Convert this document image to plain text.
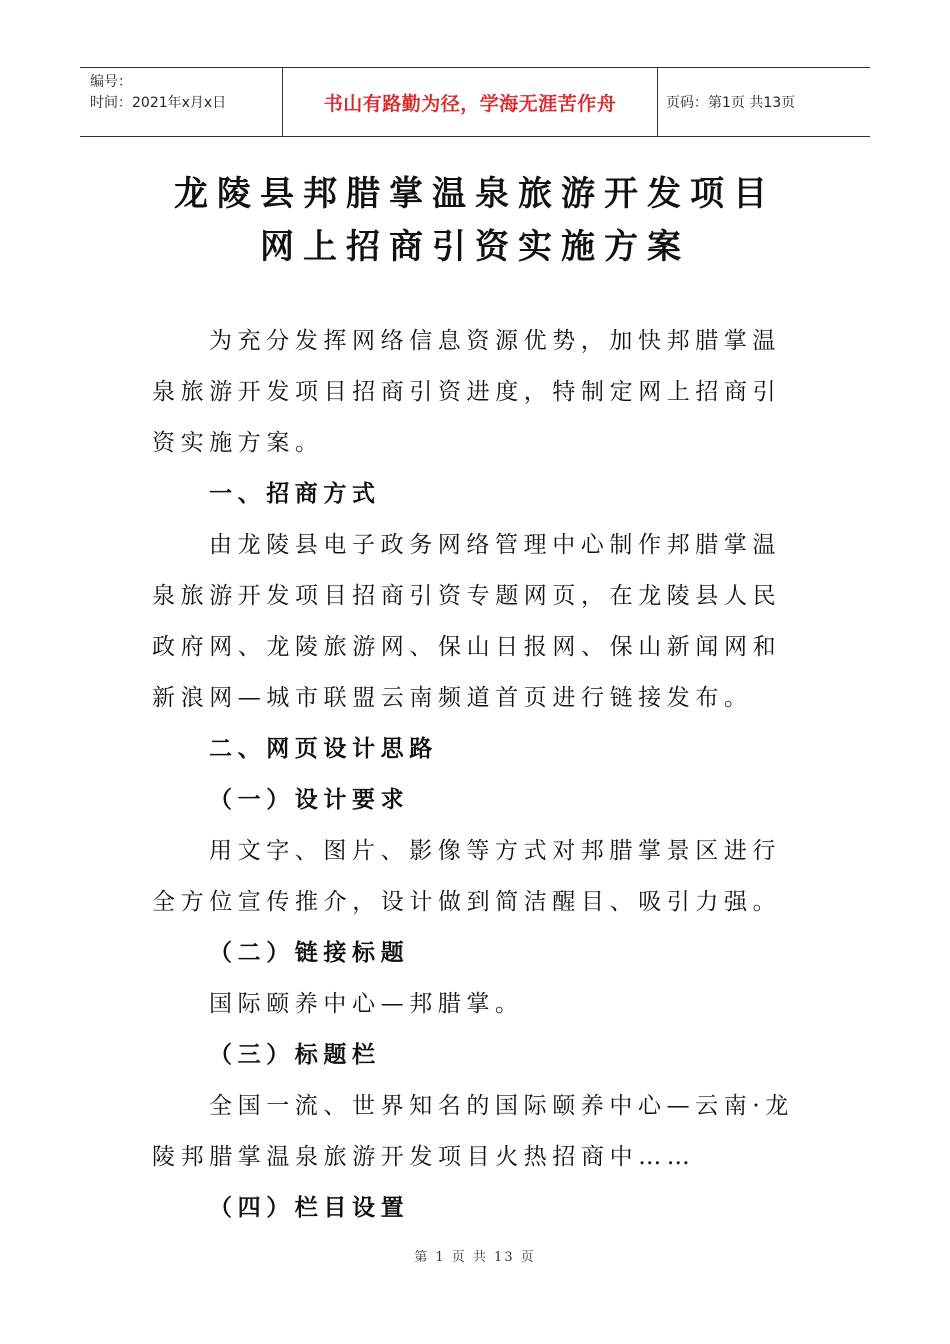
编号：
时间：2021年x月x日	书山有路勤为径，学海无涯苦作舟	页码：第1页 共13页
龙陵县邦腊掌温泉旅游开发项目
网上招商引资实施方案

为充分发挥网络信息资源优势，加快邦腊掌温泉旅游开发项目招商引资进度，特制定网上招商引资实施方案。

一、招商方式

由龙陵县电子政务网络管理中心制作邦腊掌温泉旅游开发项目招商引资专题网页，在龙陵县人民政府网、龙陵旅游网、保山日报网、保山新闻网和新浪网—城市联盟云南频道首页进行链接发布。

二、网页设计思路

（一）设计要求

用文字、图片、影像等方式对邦腊掌景区进行全方位宣传推介，设计做到简洁醒目、吸引力强。

（二）链接标题

国际颐养中心—邦腊掌。

（三）标题栏

全国一流、世界知名的国际颐养中心—云南·龙陵邦腊掌温泉旅游开发项目火热招商中……

（四）栏目设置

第 1 页 共 13 页
